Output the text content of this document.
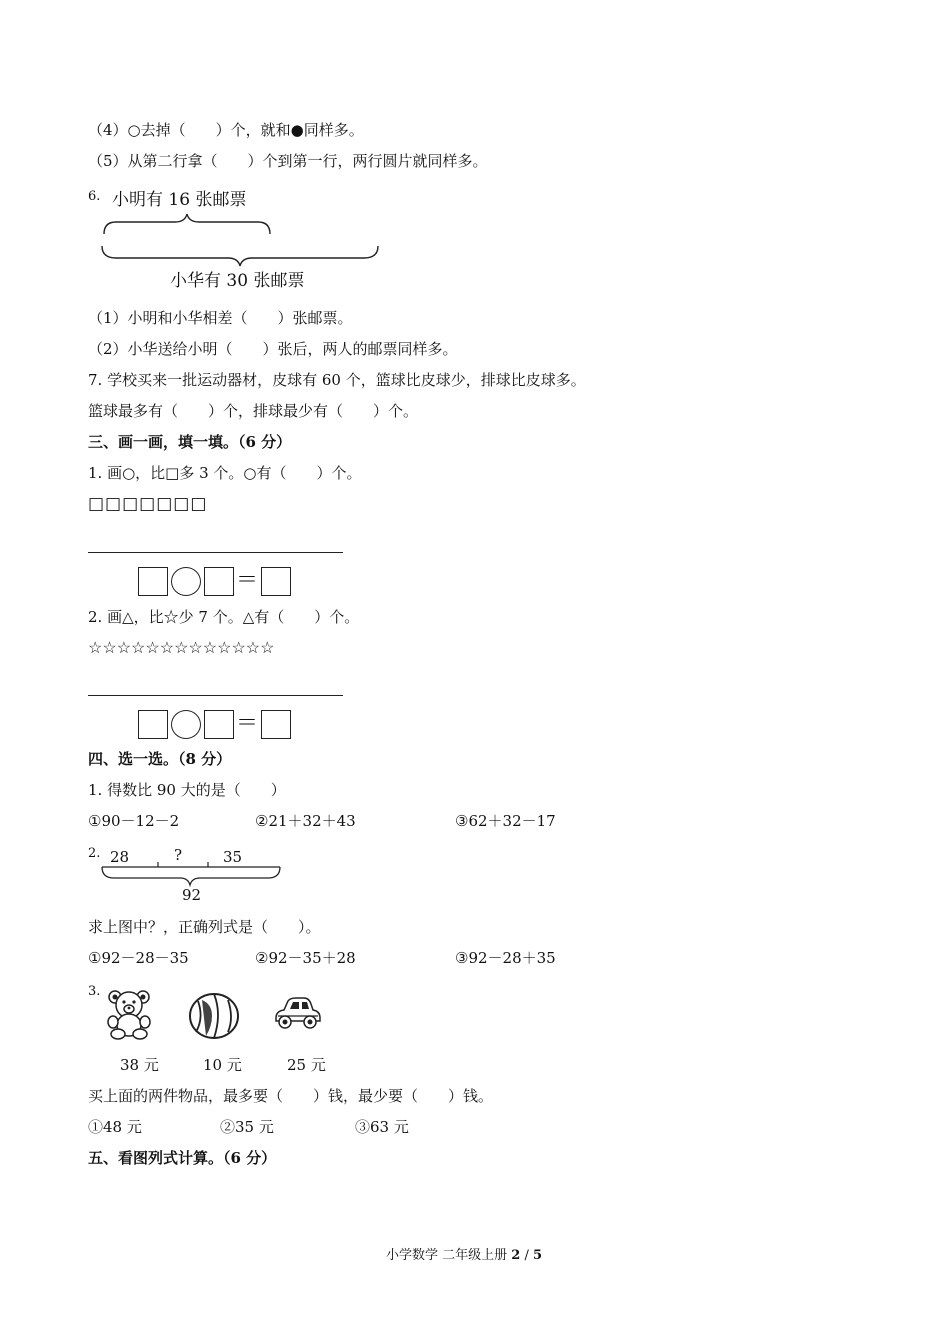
（4）○去掉（　　）个，就和●同样多。
（5）从第二行拿（　　）个到第一行，两行圆片就同样多。
6. 小明有 16 张邮票
小华有 30 张邮票
（1）小明和小华相差（　　）张邮票。
（2）小华送给小明（　　）张后，两人的邮票同样多。
7. 学校买来一批运动器材，皮球有 60 个，篮球比皮球少，排球比皮球多。
篮球最多有（　　）个，排球最少有（　　）个。
三、画一画，填一填。（6 分）
1. 画○，比□多 3 个。○有（　　）个。
□□□□□□□
＝
2. 画△，比☆少 7 个。△有（　　）个。
☆☆☆☆☆☆☆☆☆☆☆☆☆
＝
四、选一选。（8 分）
1. 得数比 90 大的是（　　）
①90－12－2	②21＋32＋43	③62＋32－17
2. 28	?	35
92
求上图中？，正确列式是（　　）。
①92－28－35	②92－35＋28	③92－28＋35
3.
38 元	10 元	25 元
买上面的两件物品，最多要（　　）钱，最少要（　　）钱。
①48 元	②35 元	③63 元
五、看图列式计算。（6 分）
小学数学 二年级上册 2 / 5
